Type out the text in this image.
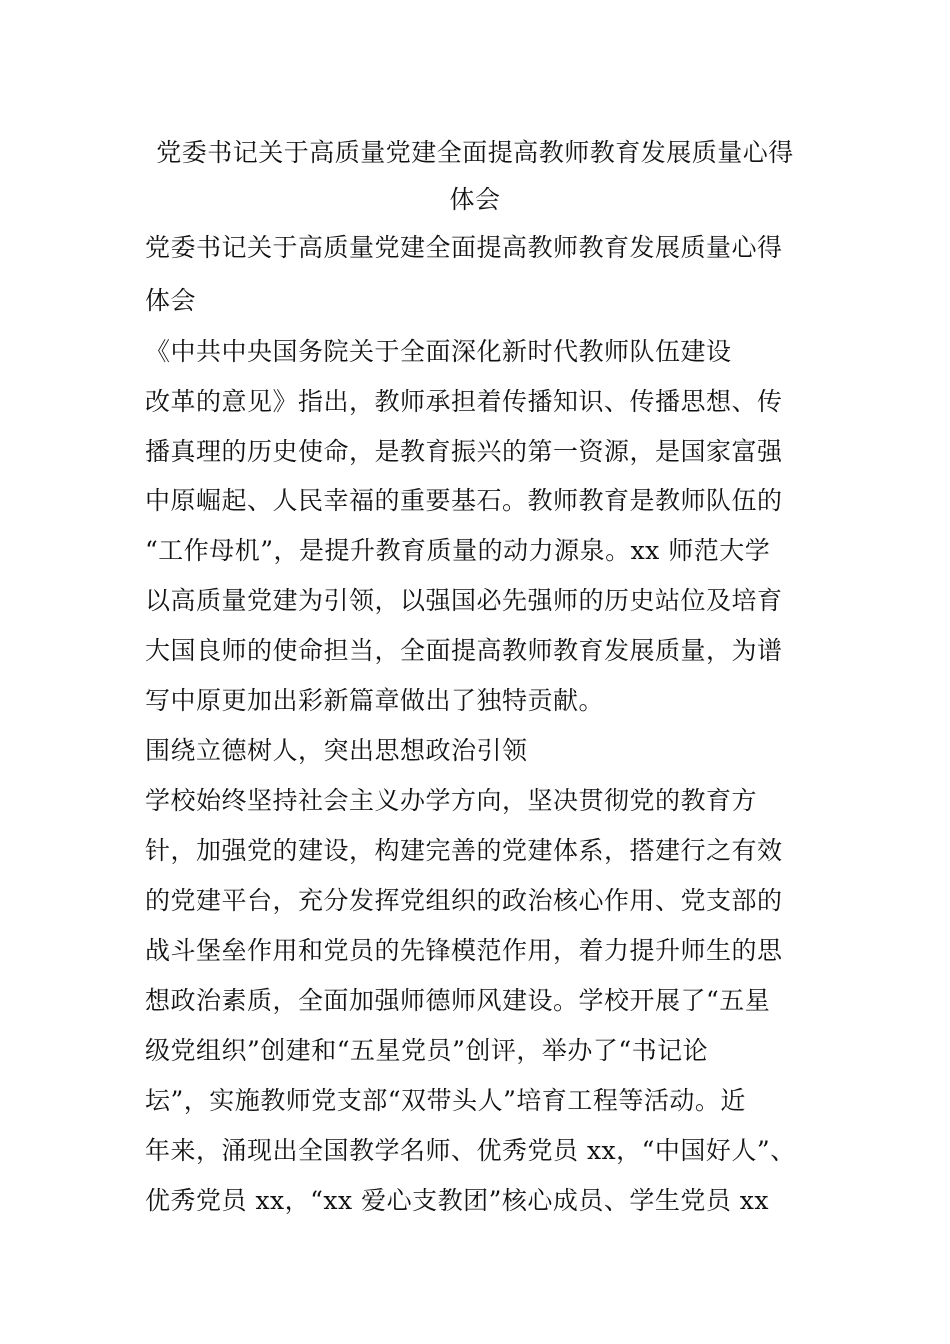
党委书记关于高质量党建全面提高教师教育发展质量心得
体会
党委书记关于高质量党建全面提高教师教育发展质量心得
体会
《中共中央国务院关于全面深化新时代教师队伍建设
改革的意见》指出，教师承担着传播知识、传播思想、传
播真理的历史使命，是教育振兴的第一资源，是国家富强
中原崛起、人民幸福的重要基石。教师教育是教师队伍的
“工作母机”，是提升教育质量的动力源泉。xx 师范大学
以高质量党建为引领，以强国必先强师的历史站位及培育
大国良师的使命担当，全面提高教师教育发展质量，为谱
写中原更加出彩新篇章做出了独特贡献。
围绕立德树人，突出思想政治引领
学校始终坚持社会主义办学方向，坚决贯彻党的教育方
针，加强党的建设，构建完善的党建体系，搭建行之有效
的党建平台，充分发挥党组织的政治核心作用、党支部的
战斗堡垒作用和党员的先锋模范作用，着力提升师生的思
想政治素质，全面加强师德师风建设。学校开展了“五星
级党组织”创建和“五星党员”创评，举办了“书记论
坛”，实施教师党支部“双带头人”培育工程等活动。近
年来，涌现出全国教学名师、优秀党员 xx，“中国好人”、
优秀党员 xx，“xx 爱心支教团”核心成员、学生党员 xx
